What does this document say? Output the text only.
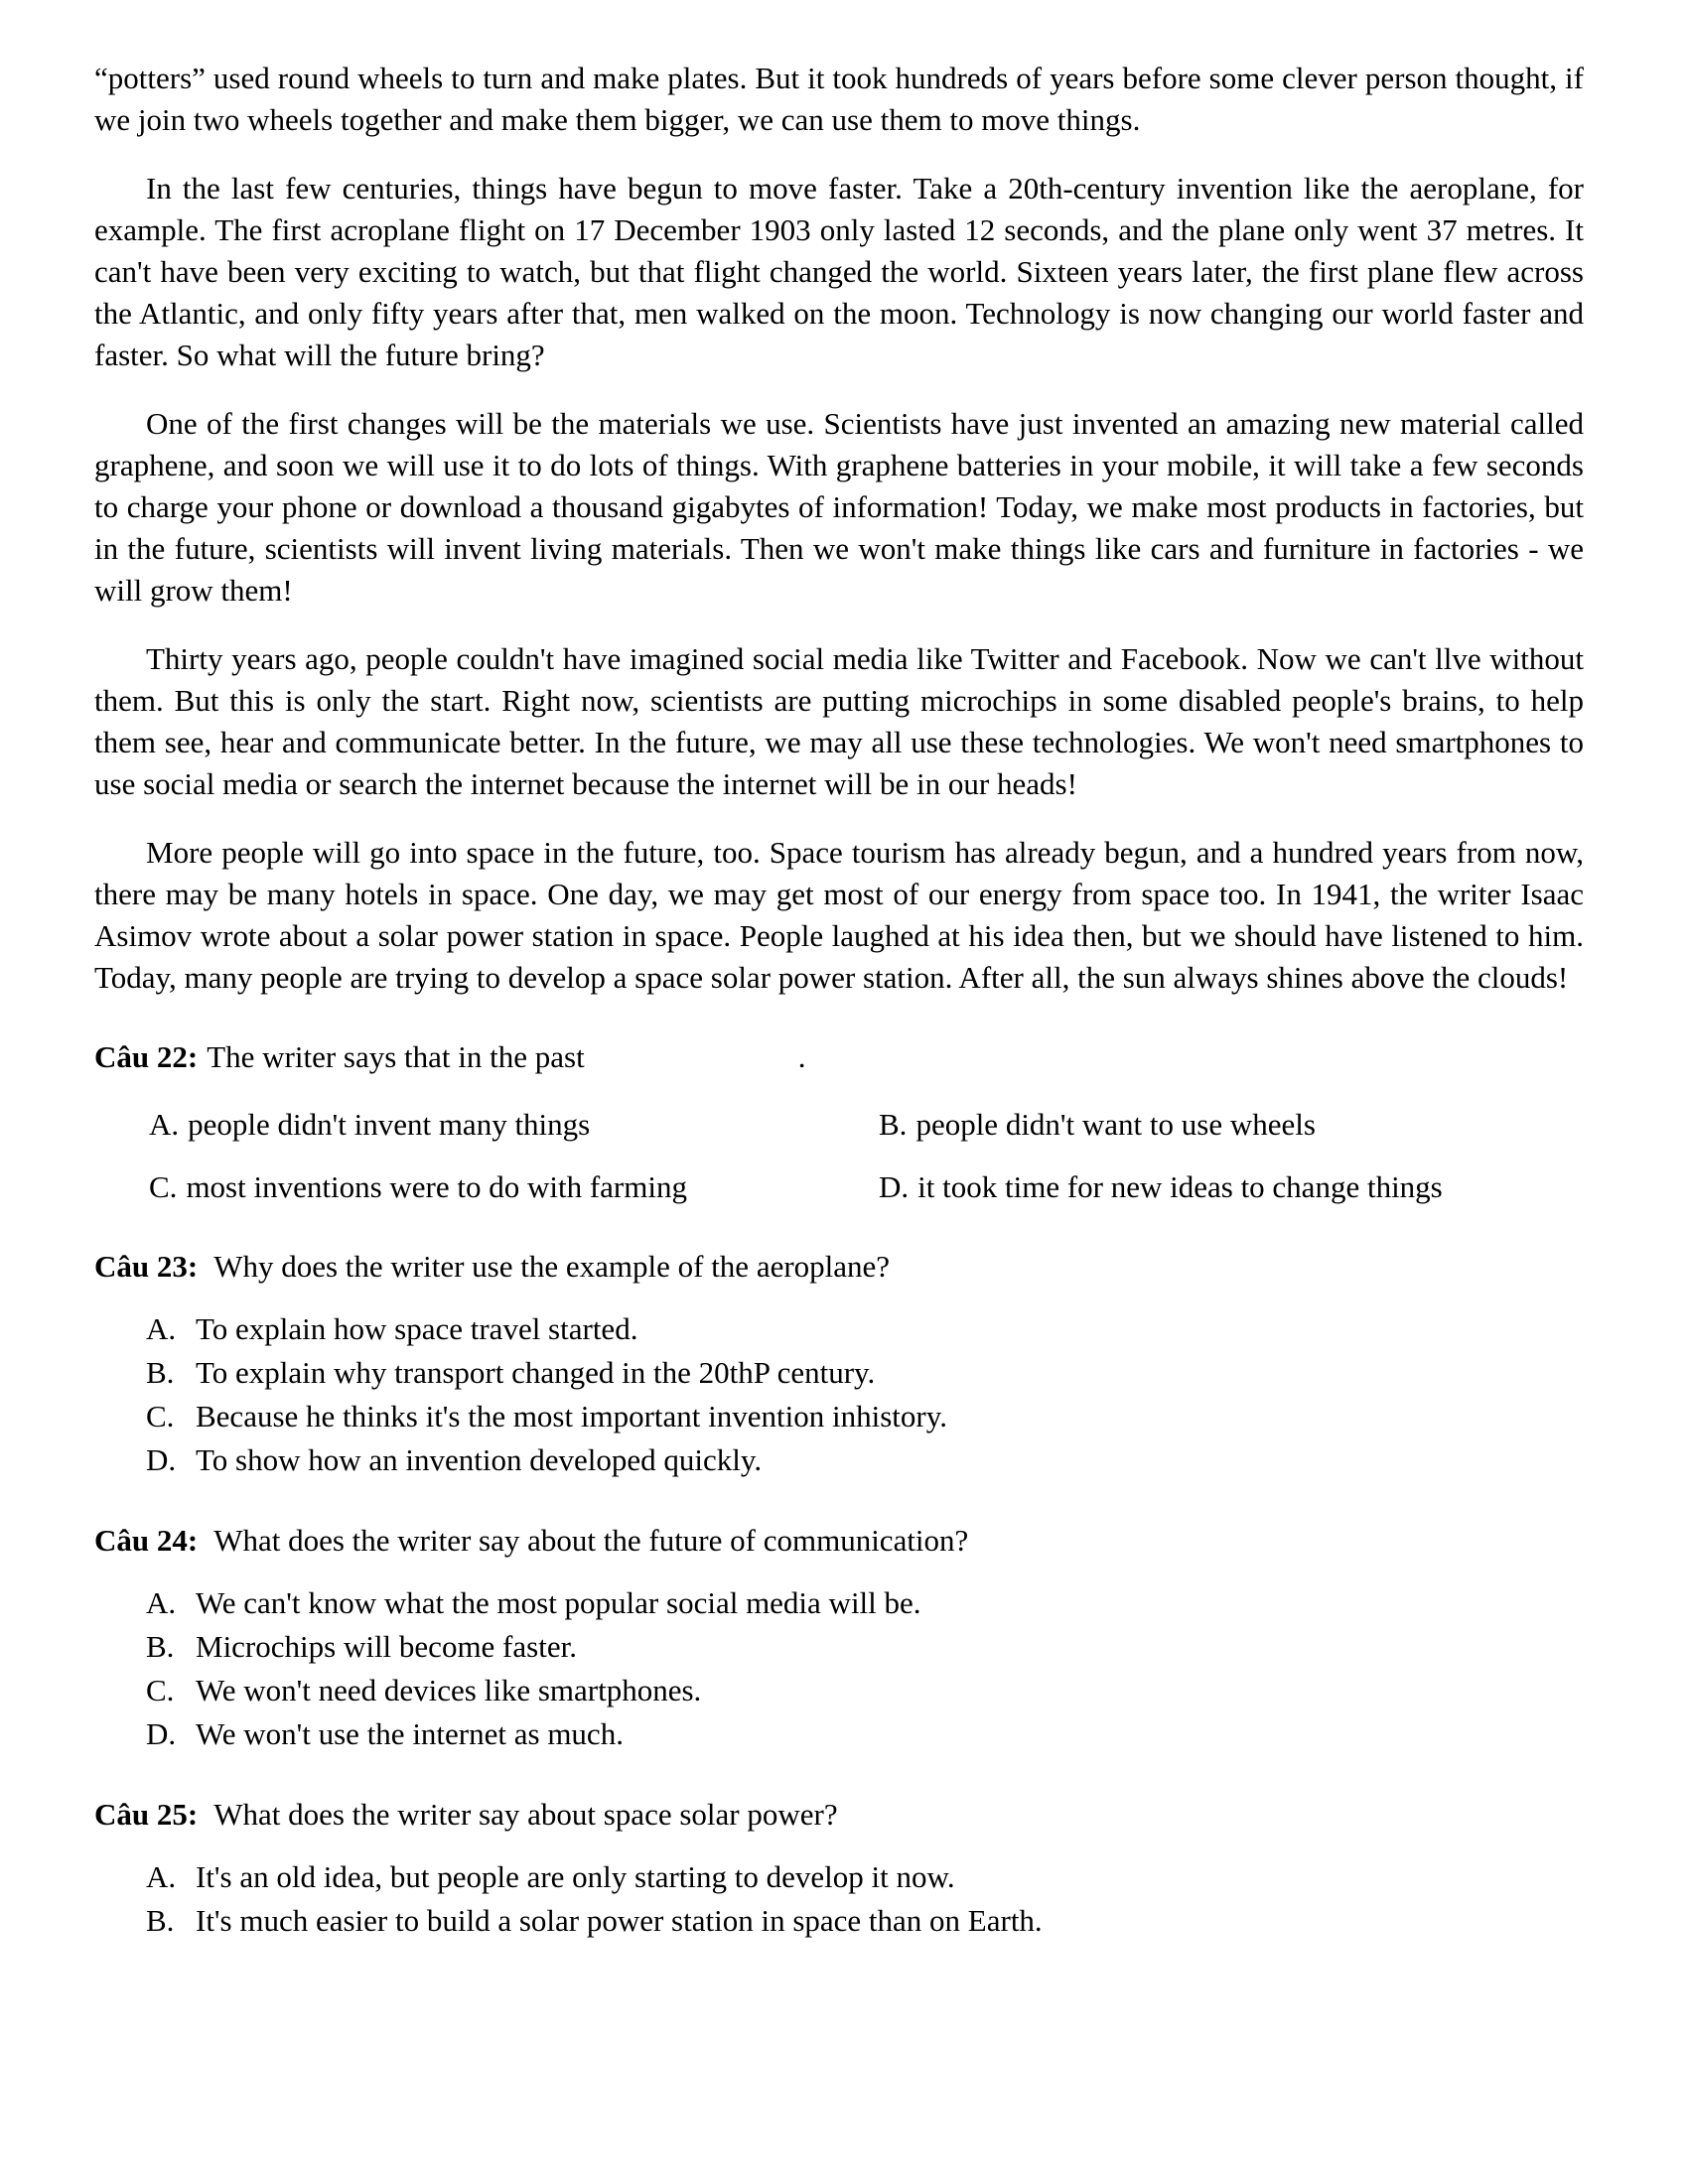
“potters” used round wheels to turn and make plates. But it took hundreds of years before some clever person thought, if we join two wheels together and make them bigger, we can use them to move things.

In the last few centuries, things have begun to move faster. Take a 20th-century invention like the aeroplane, for example. The first acroplane flight on 17 December 1903 only lasted 12 seconds, and the plane only went 37 metres. It can't have been very exciting to watch, but that flight changed the world. Sixteen years later, the first plane flew across the Atlantic, and only fifty years after that, men walked on the moon. Technology is now changing our world faster and faster. So what will the future bring?

One of the first changes will be the materials we use. Scientists have just invented an amazing new material called graphene, and soon we will use it to do lots of things. With graphene batteries in your mobile, it will take a few seconds to charge your phone or download a thousand gigabytes of information! Today, we make most products in factories, but in the future, scientists will invent living materials. Then we won't make things like cars and furniture in factories - we will grow them!

Thirty years ago, people couldn't have imagined social media like Twitter and Facebook. Now we can't llve without them. But this is only the start. Right now, scientists are putting microchips in some disabled people's brains, to help them see, hear and communicate better. In the future, we may all use these technologies. We won't need smartphones to use social media or search the internet because the internet will be in our heads!

More people will go into space in the future, too. Space tourism has already begun, and a hundred years from now, there may be many hotels in space. One day, we may get most of our energy from space too. In 1941, the writer Isaac Asimov wrote about a solar power station in space. People laughed at his idea then, but we should have listened to him. Today, many people are trying to develop a space solar power station. After all, the sun always shines above the clouds!

Câu 22: The writer says that in the past	.
A. people didn't invent many things	B. people didn't want to use wheels
C. most inventions were to do with farming	D. it took time for new ideas to change things
Câu 23: Why does the writer use the example of the aeroplane?
A. To explain how space travel started.
B. To explain why transport changed in the 20thP century.
C. Because he thinks it's the most important invention inhistory.
D. To show how an invention developed quickly.
Câu 24: What does the writer say about the future of communication?
A. We can't know what the most popular social media will be.
B. Microchips will become faster.
C. We won't need devices like smartphones.
D. We won't use the internet as much.
Câu 25: What does the writer say about space solar power?
A. It's an old idea, but people are only starting to develop it now.
B. It's much easier to build a solar power station in space than on Earth.
